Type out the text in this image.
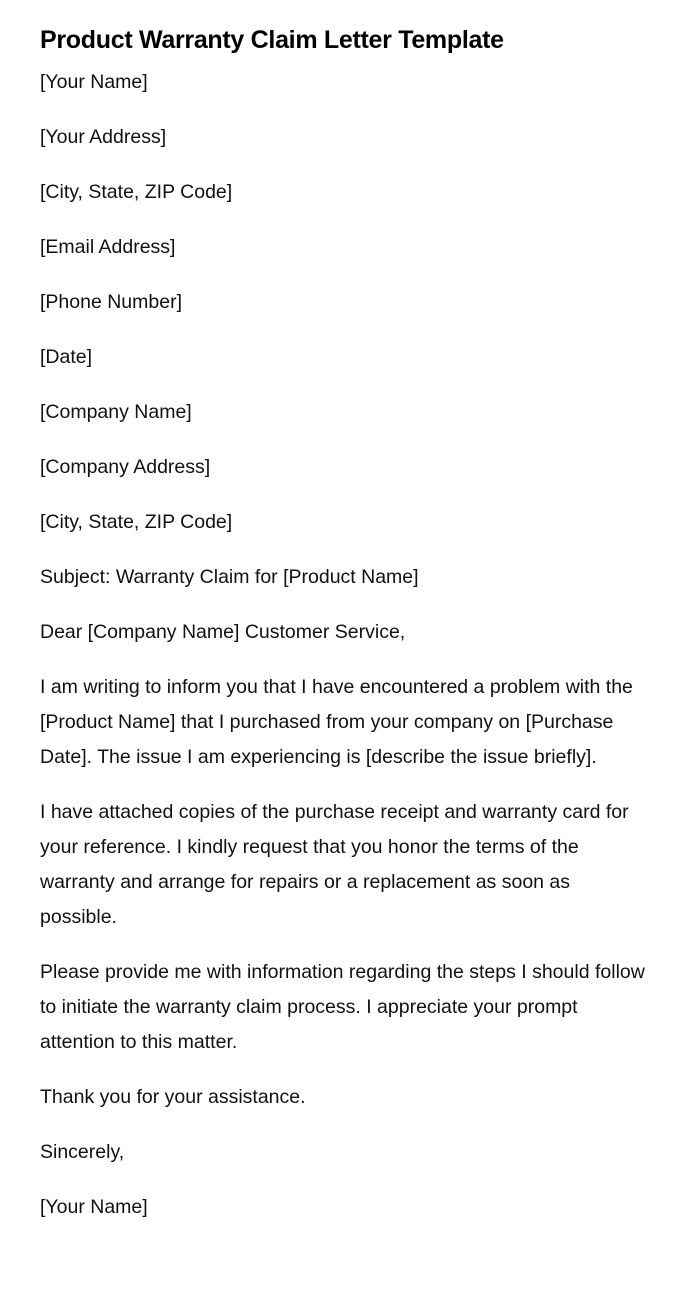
Product Warranty Claim Letter Template
[Your Name]
[Your Address]
[City, State, ZIP Code]
[Email Address]
[Phone Number]
[Date]
[Company Name]
[Company Address]
[City, State, ZIP Code]
Subject: Warranty Claim for [Product Name]
Dear [Company Name] Customer Service,

I am writing to inform you that I have encountered a problem with the [Product Name] that I purchased from your company on [Purchase Date]. The issue I am experiencing is [describe the issue briefly].

I have attached copies of the purchase receipt and warranty card for your reference. I kindly request that you honor the terms of the warranty and arrange for repairs or a replacement as soon as possible.

Please provide me with information regarding the steps I should follow to initiate the warranty claim process. I appreciate your prompt attention to this matter.

Thank you for your assistance.
Sincerely,
[Your Name]
